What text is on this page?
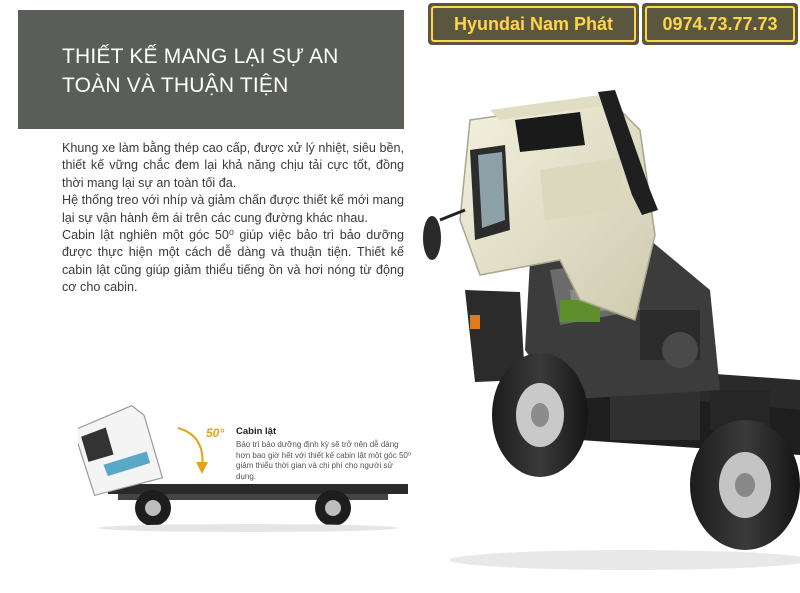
THIẾT KẾ MANG LẠI SỰ AN TOÀN VÀ THUẬN TIỆN
Hyundai Nam Phát	0974.73.77.73

Khung xe làm bằng thép cao cấp, được xử lý nhiệt, siêu bền, thiết kế vững chắc đem lại khả năng chịu tải cực tốt, đồng thời mang lại sự an toàn tối đa.

Hệ thống treo với nhíp và giảm chấn được thiết kế mới mang lại sự vận hành êm ái trên các cung đường khác nhau.

Cabin lật nghiên một góc 50⁰ giúp việc bảo trì bảo dưỡng được thực hiện một cách dễ dàng và thuận tiện. Thiết kế cabin lật cũng giúp giảm thiểu tiếng ồn và hơi nóng từ động cơ cho cabin.

50° Cabin lật
Bảo trì bảo dưỡng định kỳ sẽ trở nên dễ dàng hơn bao giờ hết với thiết kế cabin lật một góc 50⁰ giảm thiểu thời gian và chi phí cho người sử dụng.
